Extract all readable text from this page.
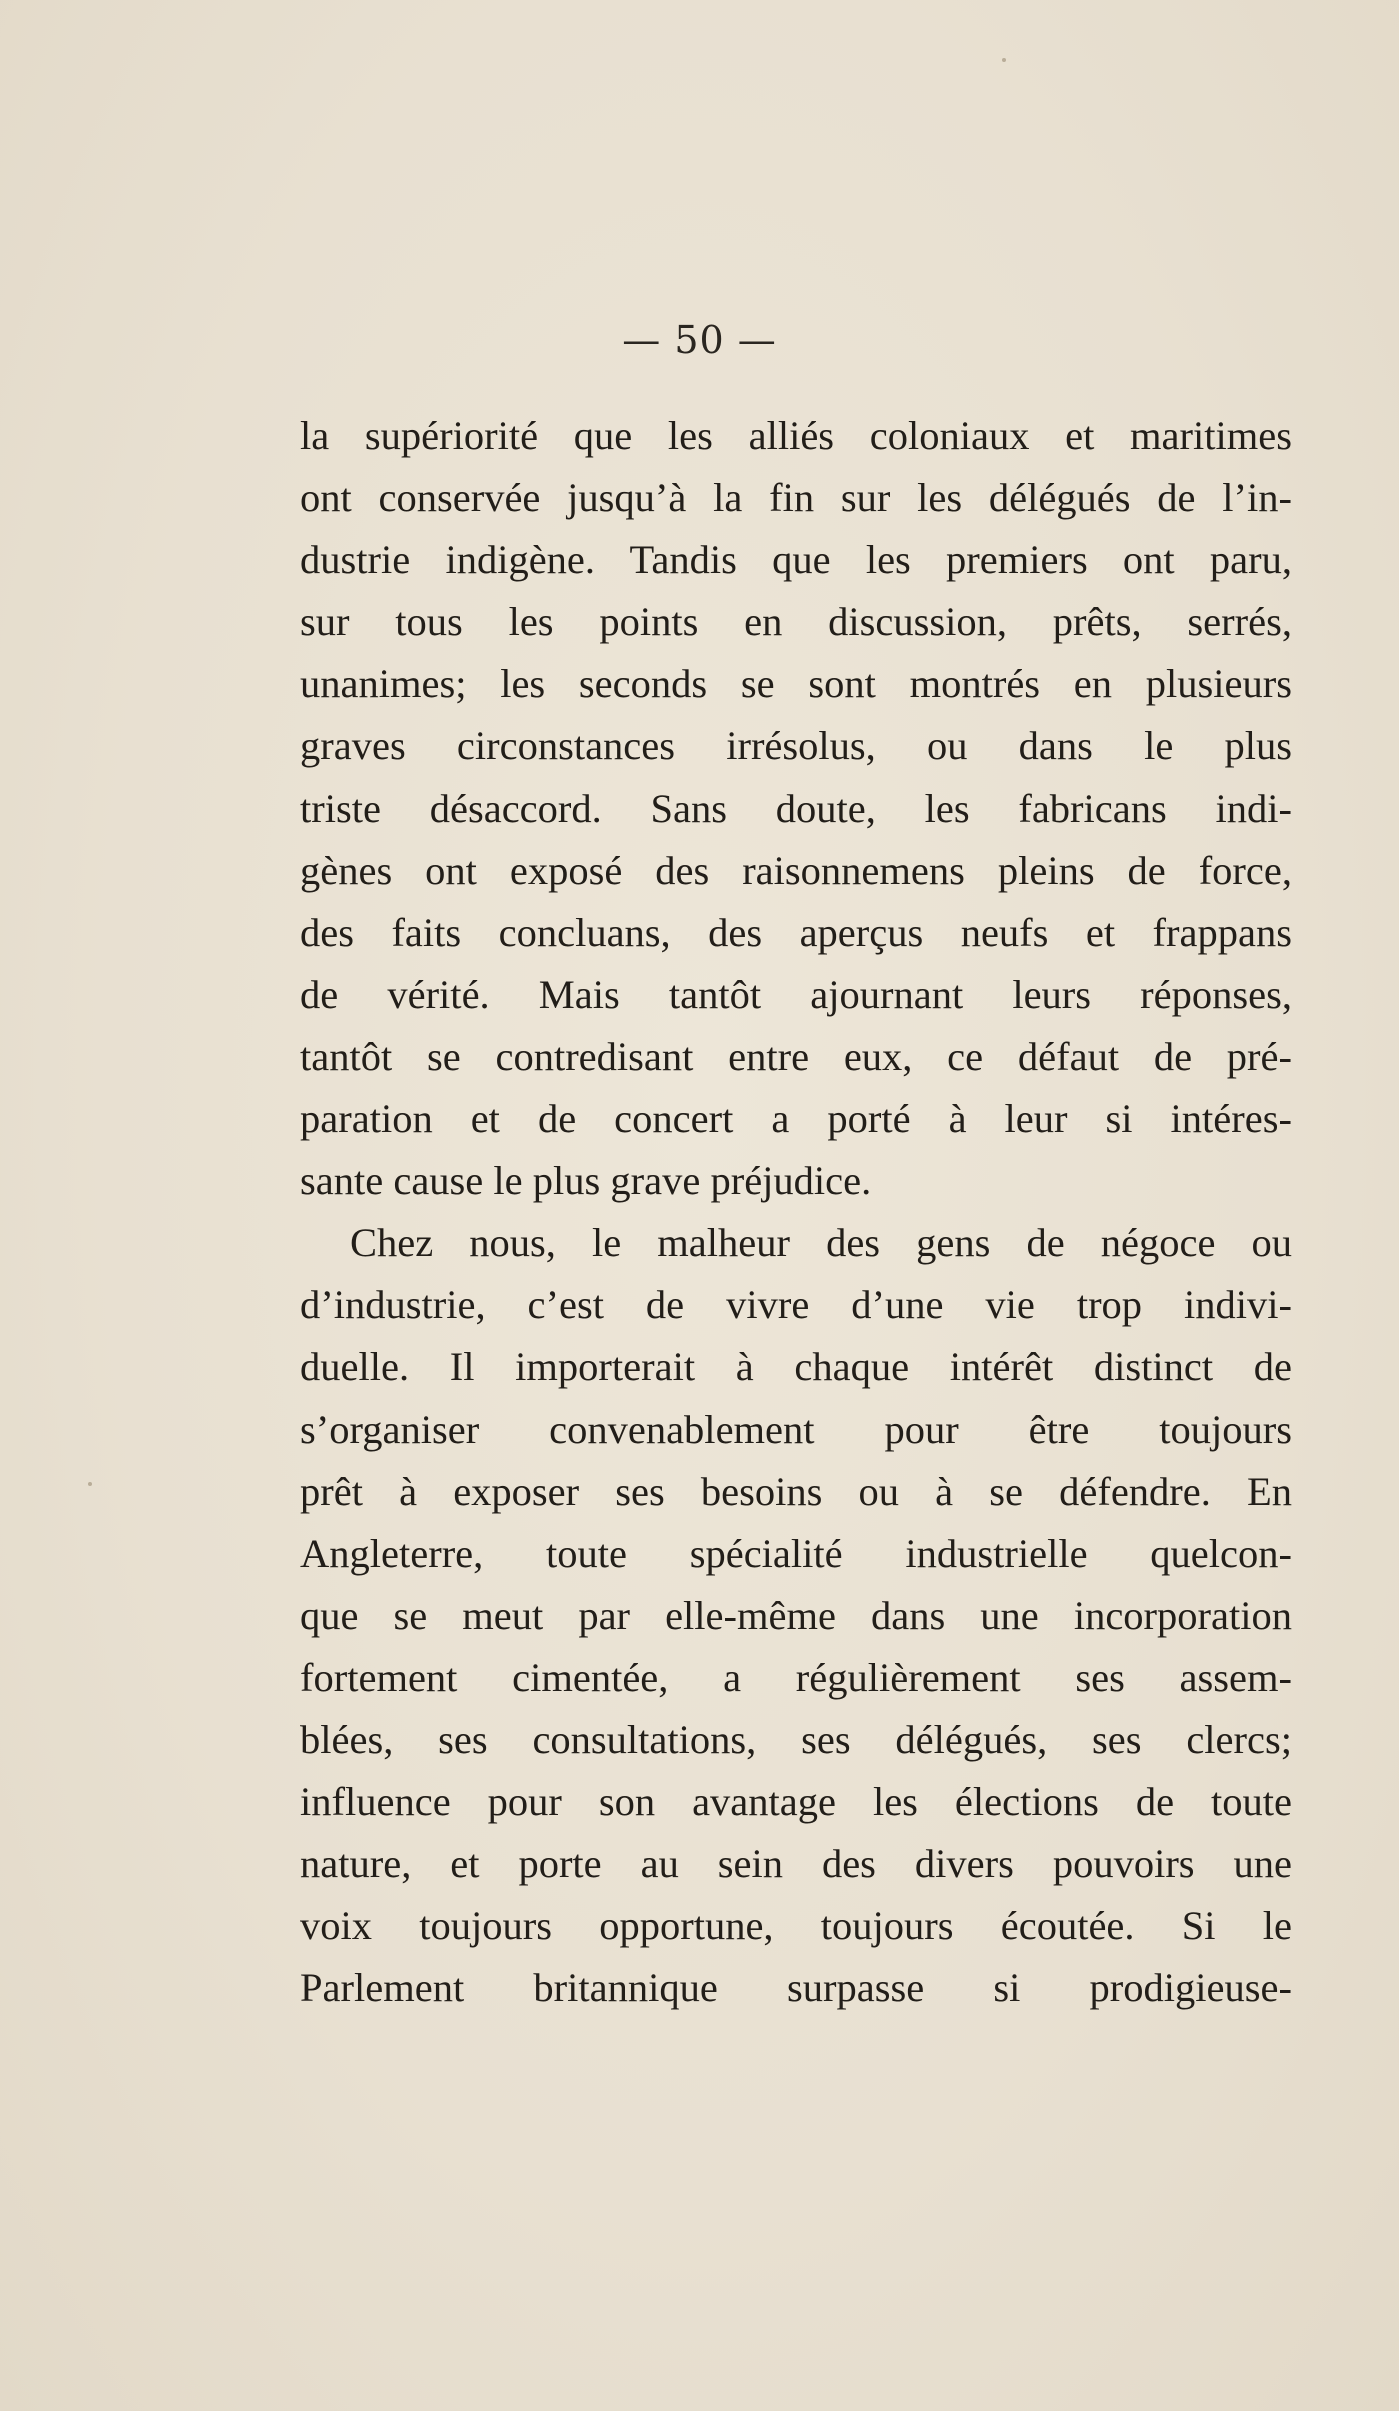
— 50 —
la supériorité que les alliés coloniaux et maritimes
ont conservée jusqu’à la fin sur les délégués de l’in-
dustrie indigène. Tandis que les premiers ont paru,
sur tous les points en discussion, prêts, serrés,
unanimes; les seconds se sont montrés en plusieurs
graves circonstances irrésolus, ou dans le plus
triste désaccord. Sans doute, les fabricans indi-
gènes ont exposé des raisonnemens pleins de force,
des faits concluans, des aperçus neufs et frappans
de vérité. Mais tantôt ajournant leurs réponses,
tantôt se contredisant entre eux, ce défaut de pré-
paration et de concert a porté à leur si intéres-
sante cause le plus grave préjudice.
Chez nous, le malheur des gens de négoce ou
d’industrie, c’est de vivre d’une vie trop indivi-
duelle. Il importerait à chaque intérêt distinct de
s’organiser convenablement pour être toujours
prêt à exposer ses besoins ou à se défendre. En
Angleterre, toute spécialité industrielle quelcon-
que se meut par elle-même dans une incorporation
fortement cimentée, a régulièrement ses assem-
blées, ses consultations, ses délégués, ses clercs;
influence pour son avantage les élections de toute
nature, et porte au sein des divers pouvoirs une
voix toujours opportune, toujours écoutée. Si le
Parlement britannique surpasse si prodigieuse-
